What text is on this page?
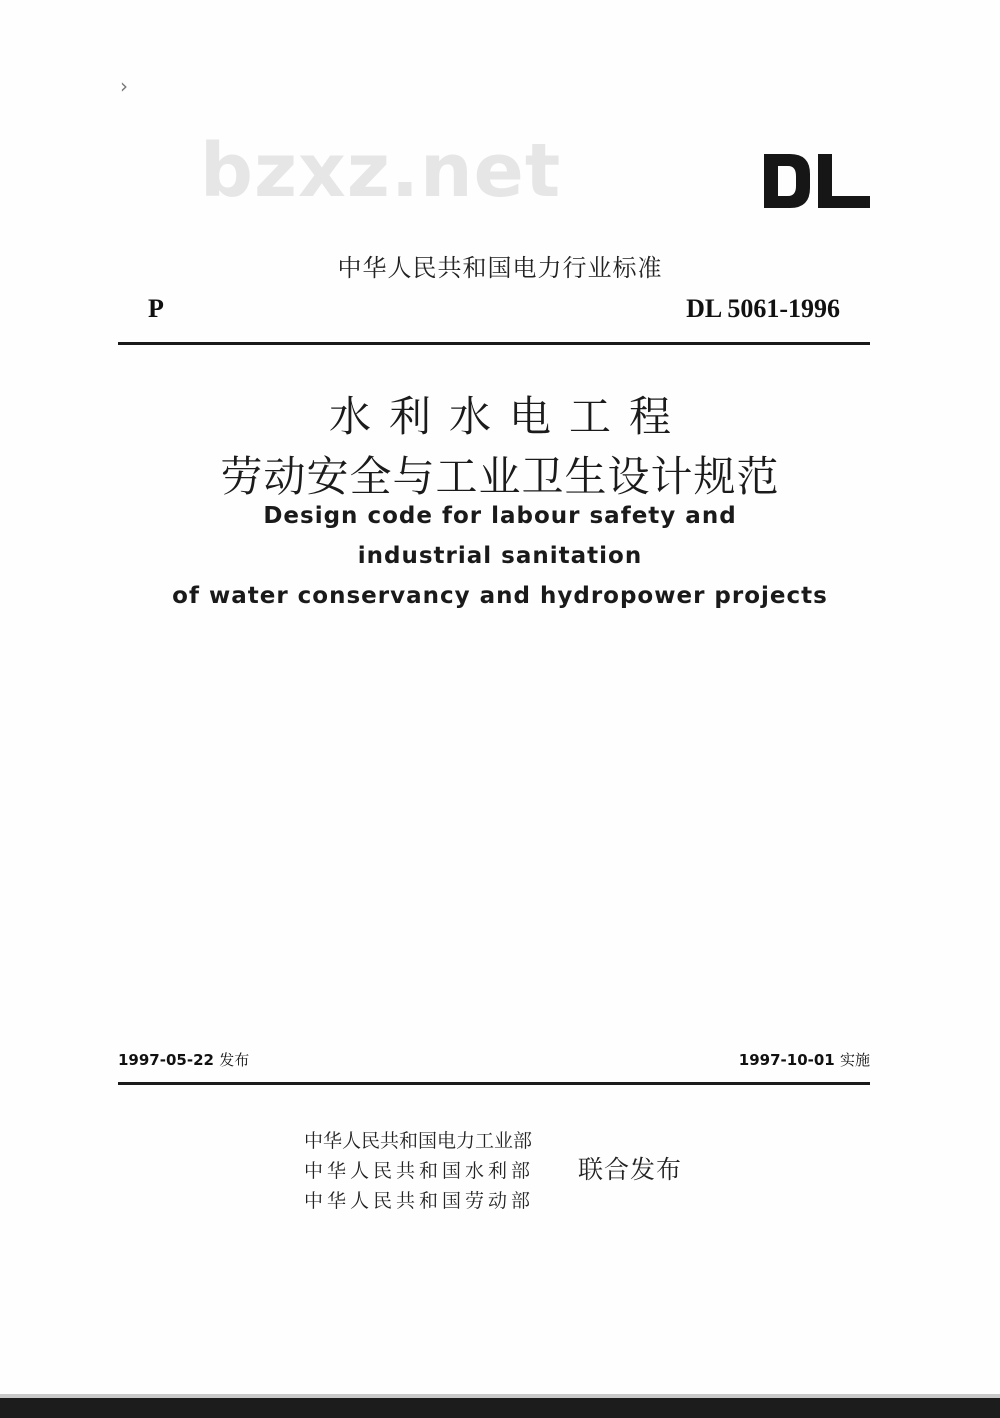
›
bzxz.net
中华人民共和国电力行业标准
P	DL 5061-1996
水利水电工程
劳动安全与工业卫生设计规范
Design code for labour safety and
industrial sanitation
of water conservancy and hydropower projects
1997-05-22 发布	1997-10-01 实施
中华人民共和国电力工业部
中华人民共和国水利部
中华人民共和国劳动部
联合发布
